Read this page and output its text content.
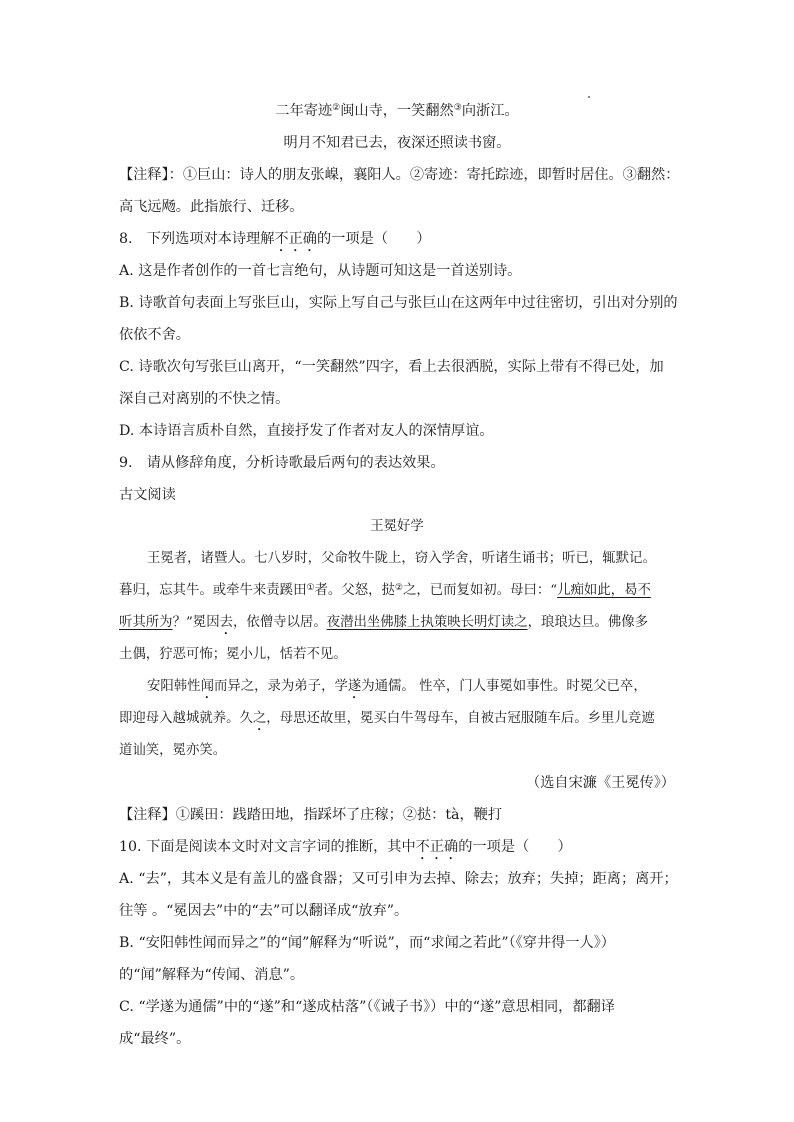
二年寄迹②闽山寺，一笑翻然③向浙江。
明月不知君已去，夜深还照读书窗。
【注释】：①巨山：诗人的朋友张嵲，襄阳人。②寄迹：寄托踪迹，即暂时居住。③翻然：
高飞远飏。此指旅行、迁移。
8.　下列选项对本诗理解不正确的一项是（　　）
A. 这是作者创作的一首七言绝句，从诗题可知这是一首送别诗。
B. 诗歌首句表面上写张巨山，实际上写自己与张巨山在这两年中过往密切，引出对分别的
依依不舍。
C. 诗歌次句写张巨山离开，“一笑翻然”四字，看上去很洒脱，实际上带有不得已处，加
深自己对离别的不快之情。
D. 本诗语言质朴自然，直接抒发了作者对友人的深情厚谊。
9.　请从修辞角度，分析诗歌最后两句的表达效果。
古文阅读
王冕好学
王冕者，诸暨人。七八岁时，父命牧牛陇上，窃入学舍，听诸生诵书；听已，辄默记。
暮归，忘其牛。或牵牛来责蹊田①者。父怒，挞②之，已而复如初。母曰：“儿痴如此，曷不
听其所为？”冕因去，依僧寺以居。夜潜出坐佛膝上执策映长明灯读之，琅琅达旦。佛像多
土偶，狞恶可怖；冕小儿，恬若不见。
安阳韩性闻而异之，录为弟子，学遂为通儒。 性卒，门人事冕如事性。时冕父已卒，
即迎母入越城就养。久之，母思还故里，冕买白牛驾母车，自被古冠服随车后。乡里儿竞遮
道讪笑，冕亦笑。
（选自宋濂《王冕传》）
【注释】①蹊田：践踏田地，指踩坏了庄稼；②挞：tà，鞭打
10. 下面是阅读本文时对文言字词的推断，其中不正确的一项是（　　）
A. “去”，其本义是有盖儿的盛食器；又可引申为去掉、除去；放弃；失掉；距离；离开；
往等 。“冕因去”中的“去”可以翻译成“放弃”。
B. “安阳韩性闻而异之”的“闻”解释为“听说”，而“求闻之若此”（《穿井得一人》）
的“闻”解释为“传闻、消息”。
C. “学遂为通儒”中的“遂”和“遂成枯落”（《诫子书》）中的“遂”意思相同，都翻译
成“最终”。
